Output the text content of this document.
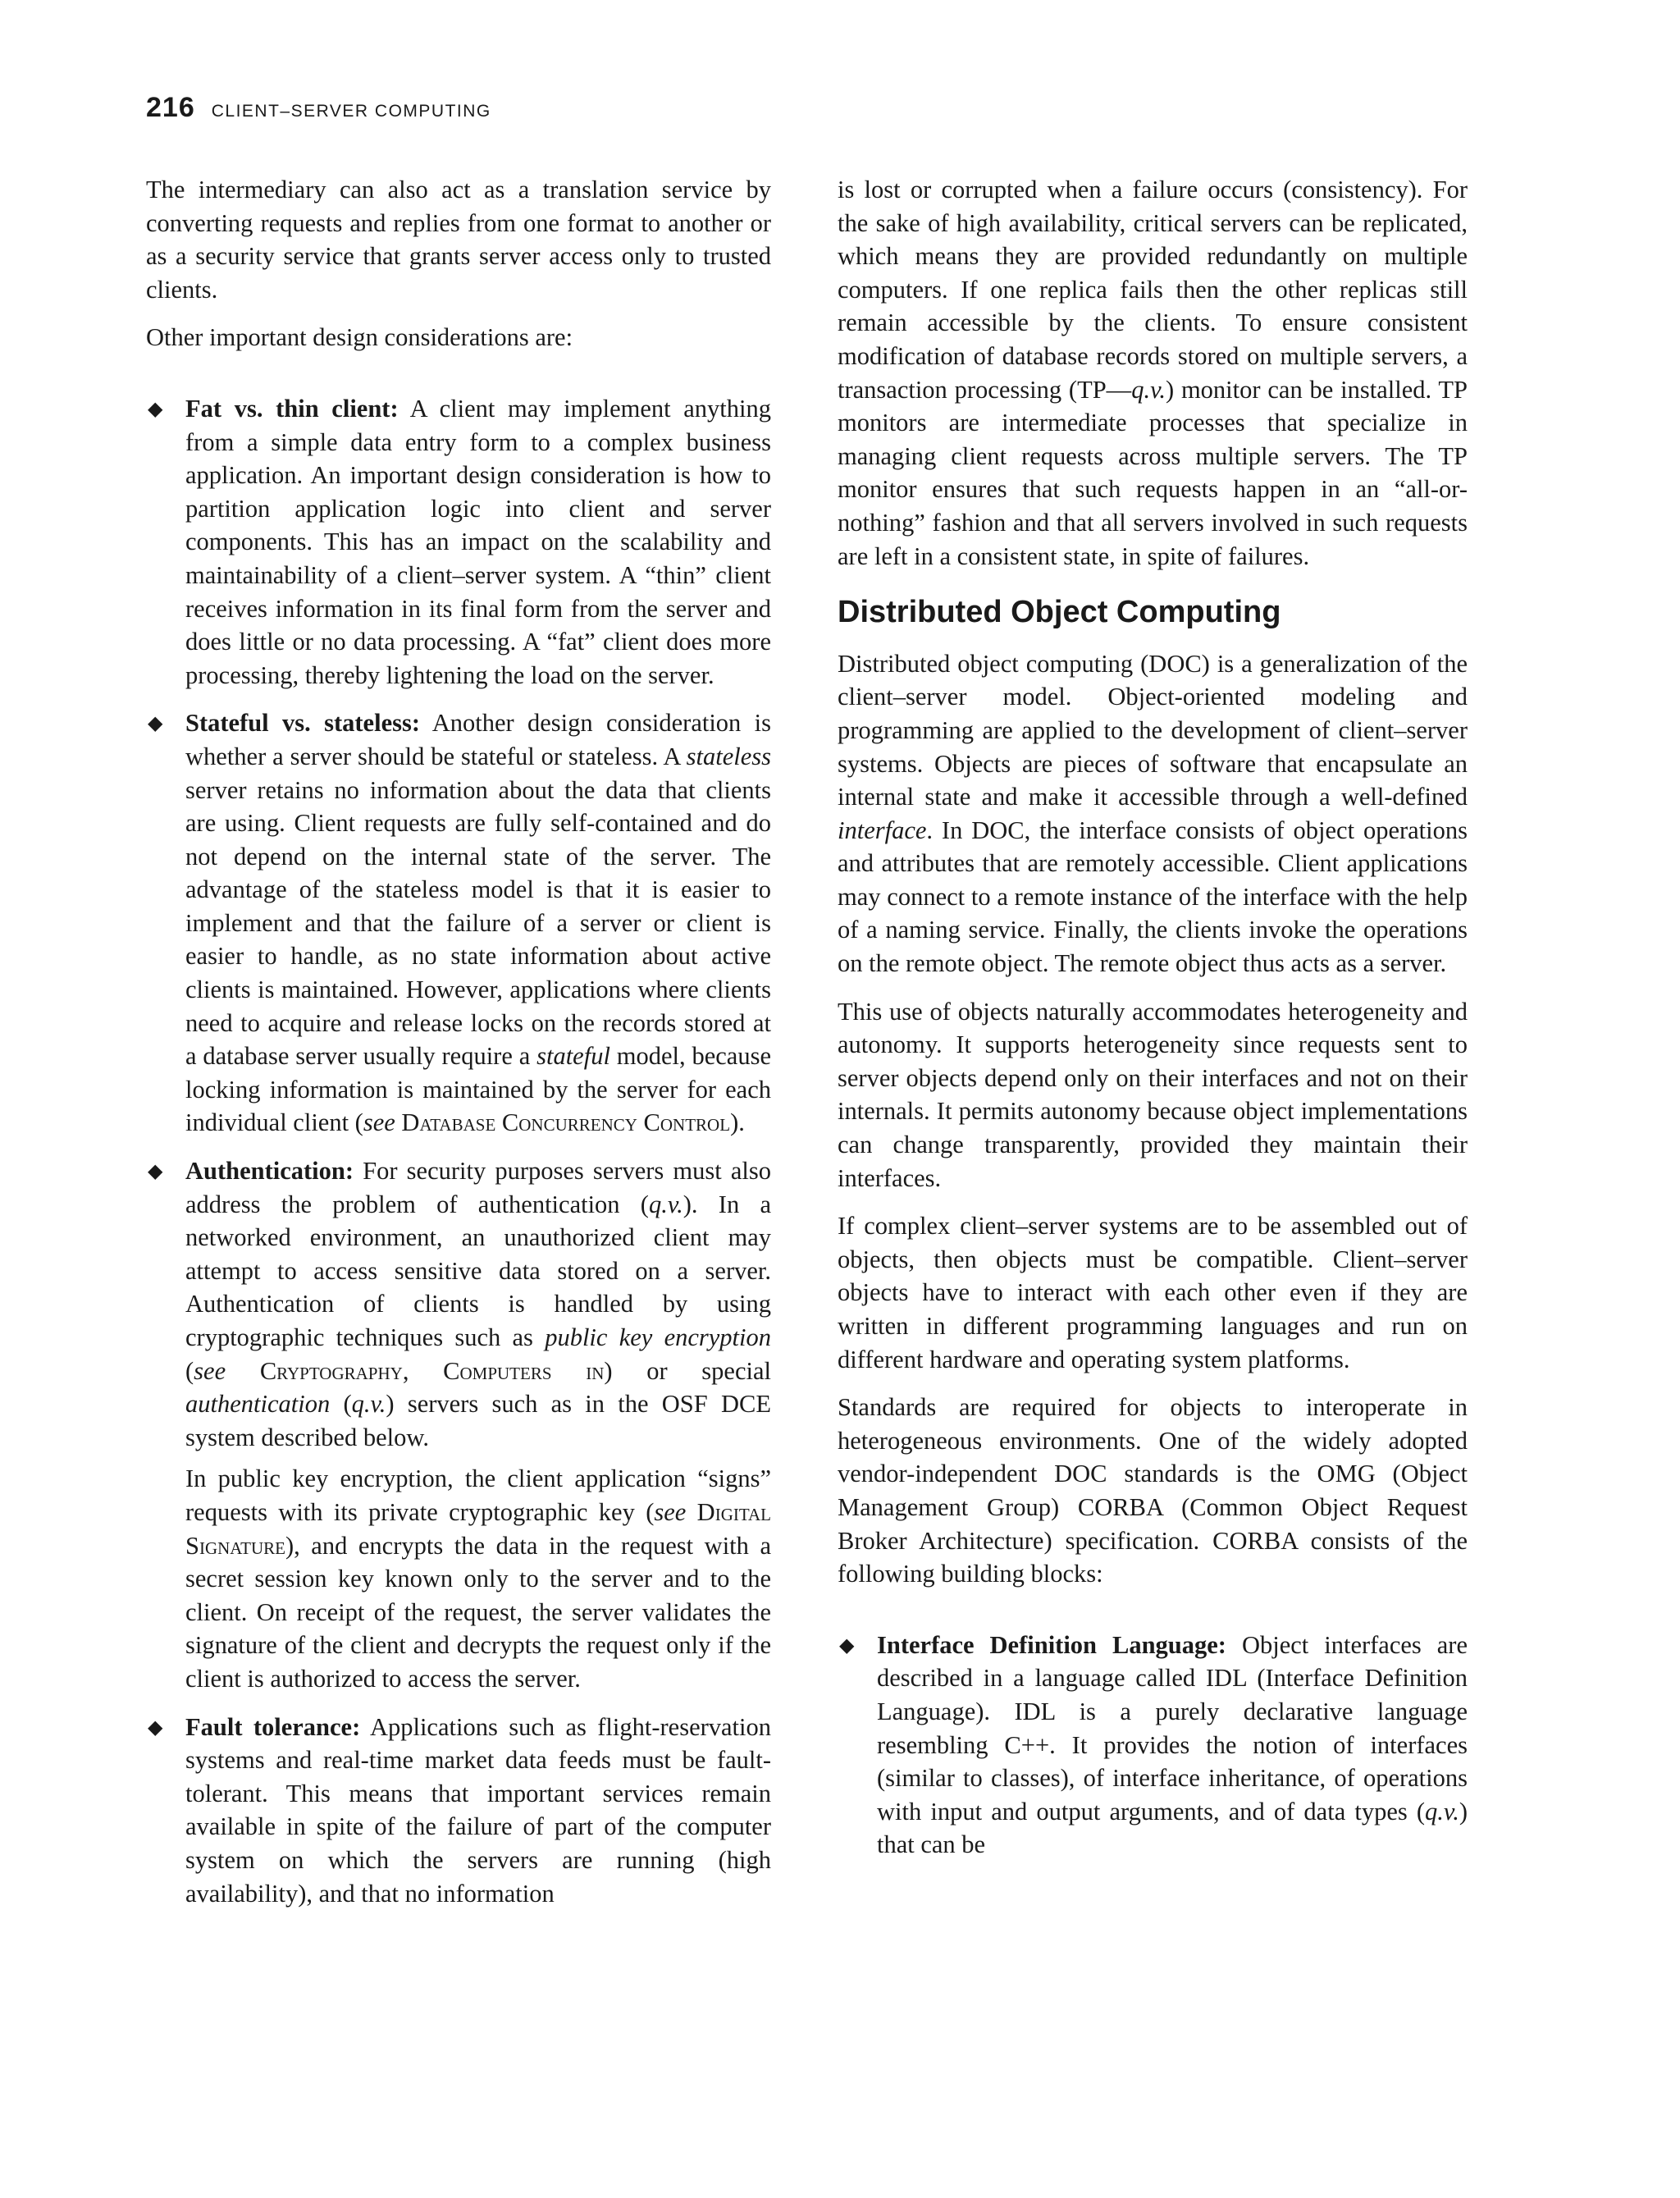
216 CLIENT–SERVER COMPUTING

The intermediary can also act as a translation service by converting requests and replies from one format to another or as a security service that grants server access only to trusted clients.

Other important design considerations are:

◆ Fat vs. thin client: A client may implement anything from a simple data entry form to a complex business application. An important design consideration is how to partition application logic into client and server components. This has an impact on the scalability and maintainability of a client–server system. A “thin” client receives information in its final form from the server and does little or no data processing. A “fat” client does more processing, thereby lightening the load on the server.
◆ Stateful vs. stateless: Another design consideration is whether a server should be stateful or stateless. A stateless server retains no information about the data that clients are using. Client requests are fully self-contained and do not depend on the internal state of the server. The advantage of the stateless model is that it is easier to implement and that the failure of a server or client is easier to handle, as no state information about active clients is maintained. However, applications where clients need to acquire and release locks on the records stored at a database server usually require a stateful model, because locking information is maintained by the server for each individual client (see Database Concurrency Control).
◆ Authentication: For security purposes servers must also address the problem of authentication (q.v.). In a networked environment, an unauthorized client may attempt to access sensitive data stored on a server. Authentication of clients is handled by using cryptographic techniques such as public key encryption (see Cryptography, Computers in) or special authentication (q.v.) servers such as in the OSF DCE system described below.
In public key encryption, the client application “signs” requests with its private cryptographic key (see Digital Signature), and encrypts the data in the request with a secret session key known only to the server and to the client. On receipt of the request, the server validates the signature of the client and decrypts the request only if the client is authorized to access the server.
◆ Fault tolerance: Applications such as flight-reservation systems and real-time market data feeds must be fault-tolerant. This means that important services remain available in spite of the failure of part of the computer system on which the servers are running (high availability), and that no information

is lost or corrupted when a failure occurs (consistency). For the sake of high availability, critical servers can be replicated, which means they are provided redundantly on multiple computers. If one replica fails then the other replicas still remain accessible by the clients. To ensure consistent modification of database records stored on multiple servers, a transaction processing (TP—q.v.) monitor can be installed. TP monitors are intermediate processes that specialize in managing client requests across multiple servers. The TP monitor ensures that such requests happen in an “all-or-nothing” fashion and that all servers involved in such requests are left in a consistent state, in spite of failures.

Distributed Object Computing

Distributed object computing (DOC) is a generalization of the client–server model. Object-oriented modeling and programming are applied to the development of client–server systems. Objects are pieces of software that encapsulate an internal state and make it accessible through a well-defined interface. In DOC, the interface consists of object operations and attributes that are remotely accessible. Client applications may connect to a remote instance of the interface with the help of a naming service. Finally, the clients invoke the operations on the remote object. The remote object thus acts as a server.

This use of objects naturally accommodates heterogeneity and autonomy. It supports heterogeneity since requests sent to server objects depend only on their interfaces and not on their internals. It permits autonomy because object implementations can change transparently, provided they maintain their interfaces.

If complex client–server systems are to be assembled out of objects, then objects must be compatible. Client–server objects have to interact with each other even if they are written in different programming languages and run on different hardware and operating system platforms.

Standards are required for objects to interoperate in heterogeneous environments. One of the widely adopted vendor-independent DOC standards is the OMG (Object Management Group) CORBA (Common Object Request Broker Architecture) specification. CORBA consists of the following building blocks:

◆ Interface Definition Language: Object interfaces are described in a language called IDL (Interface Definition Language). IDL is a purely declarative language resembling C++. It provides the notion of interfaces (similar to classes), of interface inheritance, of operations with input and output arguments, and of data types (q.v.) that can be
